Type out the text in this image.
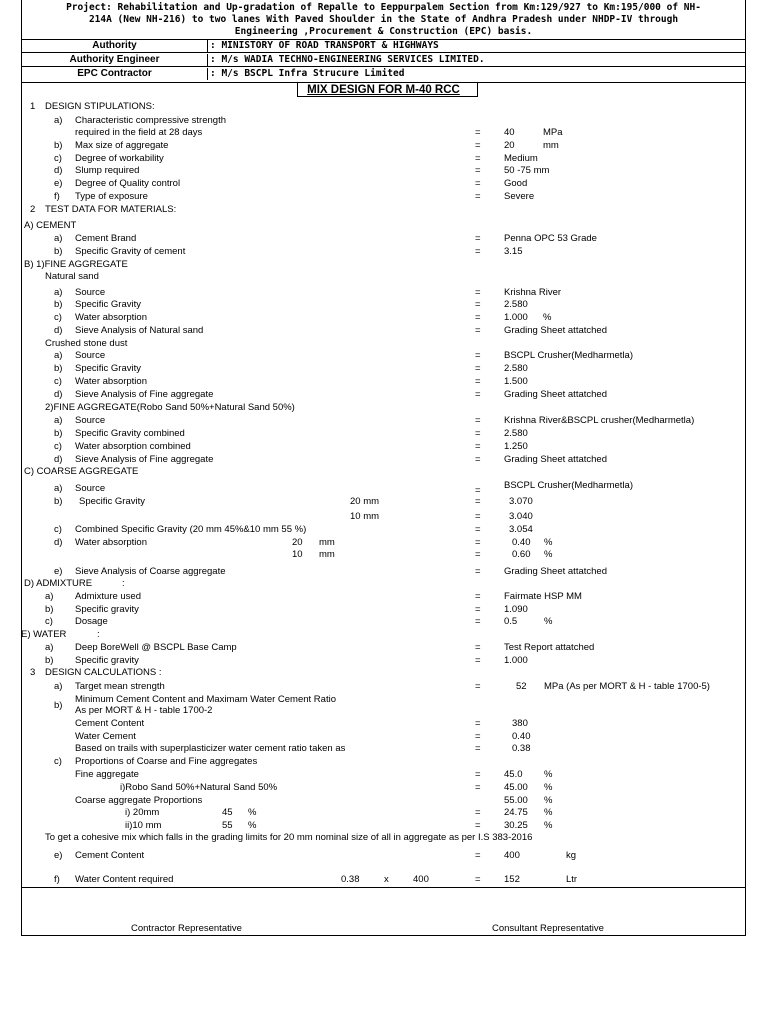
Project: Rehabilitation and Up-gradation of Repalle to Eeppurpalem Section from Km:129/927 to Km:195/000 of NH-
214A (New NH-216) to two lanes With Paved Shoulder in the State of Andhra Pradesh under NHDP-IV through
Engineering ,Procurement & Construction (EPC) basis.
Authority	: MINISTORY OF ROAD TRANSPORT & HIGHWAYS
Authority Engineer	: M/s WADIA TECHNO-ENGINEERING SERVICES LIMITED.
EPC Contractor	: M/s BSCPL Infra Strucure Limited
MIX DESIGN FOR M-40 RCC
1 DESIGN STIPULATIONS:
a) Characteristic compressive strength
required in the field at 28 days	= 40	MPa
b) Max size of aggregate	= 20	mm
c) Degree of workability	= Medium
d) Slump required	= 50 -75 mm
e) Degree of Quality control	= Good
f) Type of exposure	= Severe
2 TEST DATA FOR MATERIALS:
A) CEMENT
a) Cement Brand	= Penna OPC 53 Grade
b) Specific Gravity of cement	= 3.15
B) 1)FINE AGGREGATE
Natural sand
a) Source	= Krishna River
b) Specific Gravity	= 2.580
c) Water absorption	= 1.000 %
d) Sieve Analysis of Natural sand	= Grading Sheet attatched
Crushed stone dust
a) Source	= BSCPL Crusher(Medharmetla)
b) Specific Gravity	= 2.580
c) Water absorption	= 1.500
d) Sieve Analysis of Fine aggregate	= Grading Sheet attatched
2)FINE AGGREGATE(Robo Sand 50%+Natural Sand 50%)
a) Source	= Krishna River&BSCPL crusher(Medharmetla)
b) Specific Gravity combined	= 2.580
c) Water absorption combined	= 1.250
d) Sieve Analysis of Fine aggregate	= Grading Sheet attatched
C) COARSE AGGREGATE
a) Source	= BSCPL Crusher(Medharmetla)
b) Specific Gravity	20 mm	=	3.070
10 mm	=	3.040
c) Combined Specific Gravity (20 mm 45%&10 mm 55 %)	=	3.054
d) Water absorption	20 mm	=	0.40 %
10 mm	=	0.60 %
e) Sieve Analysis of Coarse aggregate	= Grading Sheet attatched
D) ADMIXTURE	:
a) Admixture used	= Fairmate HSP MM
b) Specific gravity	= 1.090
c) Dosage	= 0.5	%
E) WATER	:
a) Deep BoreWell @ BSCPL Base Camp	= Test Report attatched
b) Specific gravity	= 1.000
3 DESIGN CALCULATIONS :
a) Target mean strength	=	52 MPa (As per MORT & H - table 1700-5)
b)
Minimum Cement Content and Maximam Water Cement Ratio
As per MORT & H - table 1700-2
Cement Content	=	380
Water Cement	=	0.40
Based on trails with superplasticizer water cement ratio taken as	=	0.38
c) Proportions of Coarse and Fine aggregates
Fine aggregate	= 45.0 %
i)Robo Sand 50%+Natural Sand 50%	= 45.00 %
Coarse aggregate Proportions	55.00 %
i) 20mm	45 %	= 24.75 %
ii)10 mm	55 %	= 30.25 %
To get a cohesive mix which falls in the grading limits for 20 mm nominal size of all in aggregate as per I.S 383-2016
e) Cement Content	= 400	kg
f) Water Content required	0.38	x	400	= 152	Ltr
Contractor Representative	Consultant Representative
